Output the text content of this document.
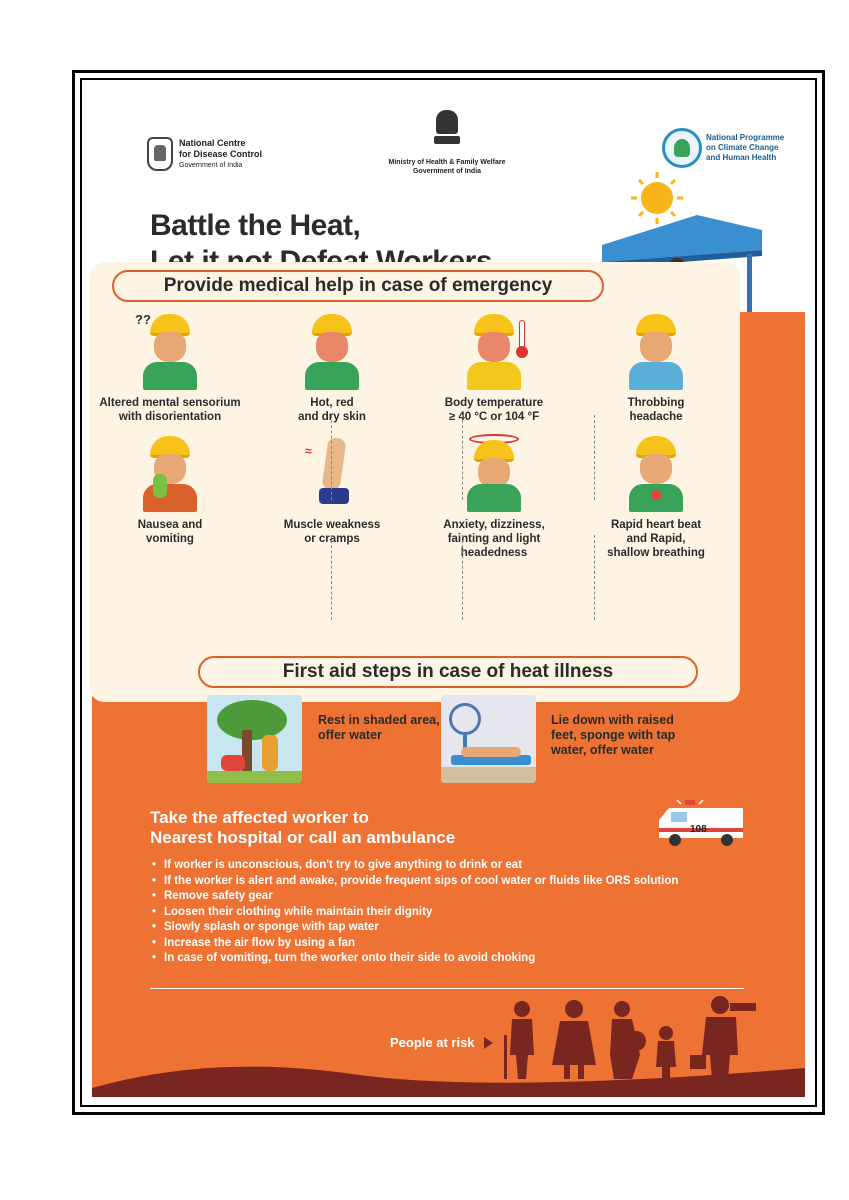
National Centre
for Disease Control
Government of India	Ministry of Health & Family Welfare
Government of India
National Programme
on Climate Change
and Human Health
Battle the Heat,
Provide medical help in case of emergency
??
Altered mental sensorium
with disorientation
Hot, red
and dry skin
Body temperature
≥ 40 °C or 104 °F
Throbbing
headache
Nausea and
vomiting
≈
Muscle weakness
or cramps
Anxiety, dizziness,
fainting and light
headedness
Rapid heart beat
and Rapid,
shallow breathing
First aid steps in case of heat illness
Rest in shaded area,
offer water
Lie down with raised
feet, sponge with tap
water, offer water
Take the affected worker to
Nearest hospital or call an ambulance	108
• If worker is unconscious, don't try to give anything to drink or eat
• If the worker is alert and awake, provide frequent sips of cool water or fluids like ORS solution
• Remove safety gear
• Loosen their clothing while maintain their dignity
• Slowly splash or sponge with tap water
• Increase the air flow by using a fan
• In case of vomiting, turn the worker onto their side to avoid choking
People at risk
